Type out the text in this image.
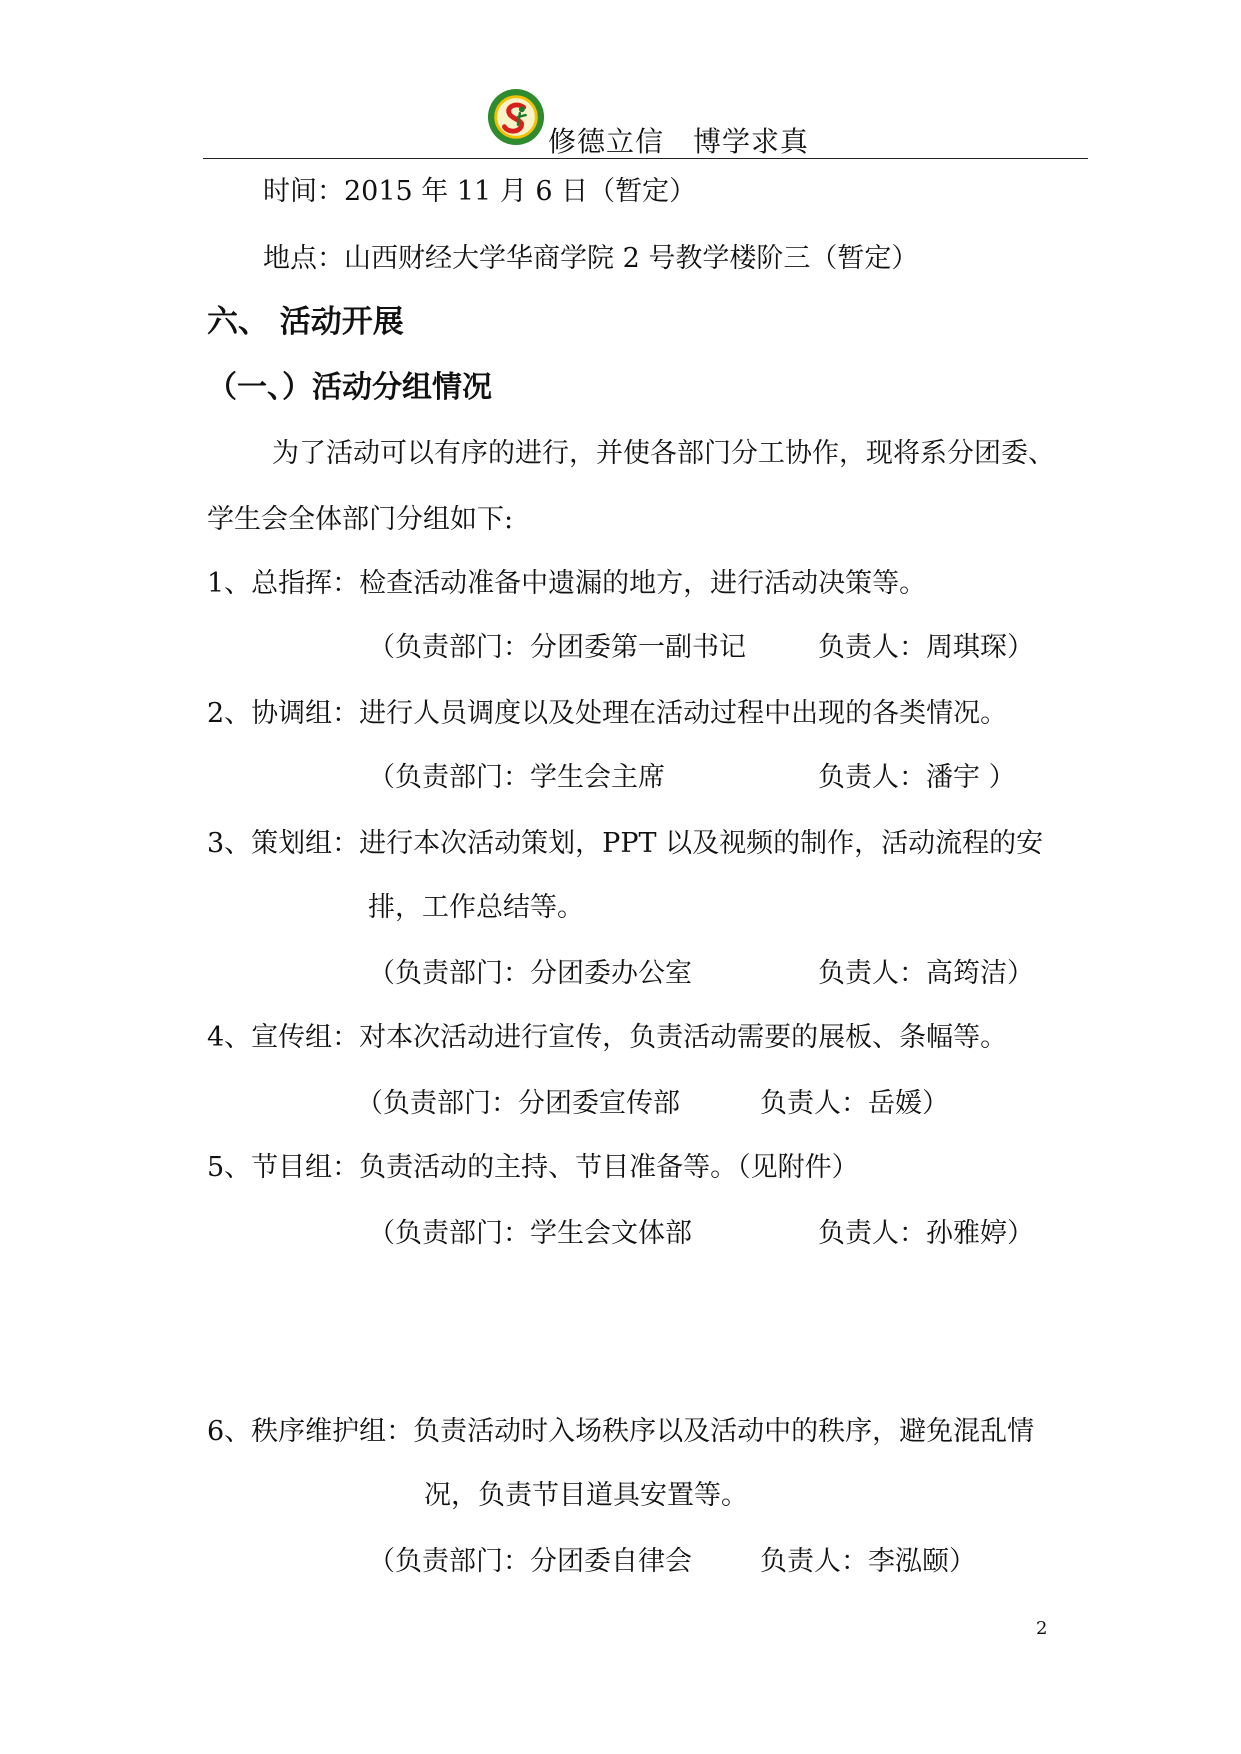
修德立信　博学求真
时间：2015 年 11 月 6 日（暂定）
地点：山西财经大学华商学院 2 号教学楼阶三（暂定）
六、 活动开展
（一、）活动分组情况
为了活动可以有序的进行，并使各部门分工协作，现将系分团委、
学生会全体部门分组如下:
1、总指挥：检查活动准备中遗漏的地方，进行活动决策等。
（负责部门：分团委第一副书记	负责人：周琪琛）
2、协调组：进行人员调度以及处理在活动过程中出现的各类情况。
（负责部门：学生会主席	负责人：潘宇 ）
3、策划组：进行本次活动策划，PPT 以及视频的制作，活动流程的安
排，工作总结等。
（负责部门：分团委办公室	负责人：高筠洁）
4、宣传组：对本次活动进行宣传，负责活动需要的展板、条幅等。
（负责部门：分团委宣传部	负责人：岳媛）
5、节目组：负责活动的主持、节目准备等。（见附件）
（负责部门：学生会文体部	负责人：孙雅婷）
6、秩序维护组：负责活动时入场秩序以及活动中的秩序，避免混乱情
况，负责节目道具安置等。
（负责部门：分团委自律会	负责人：李泓颐）
2
